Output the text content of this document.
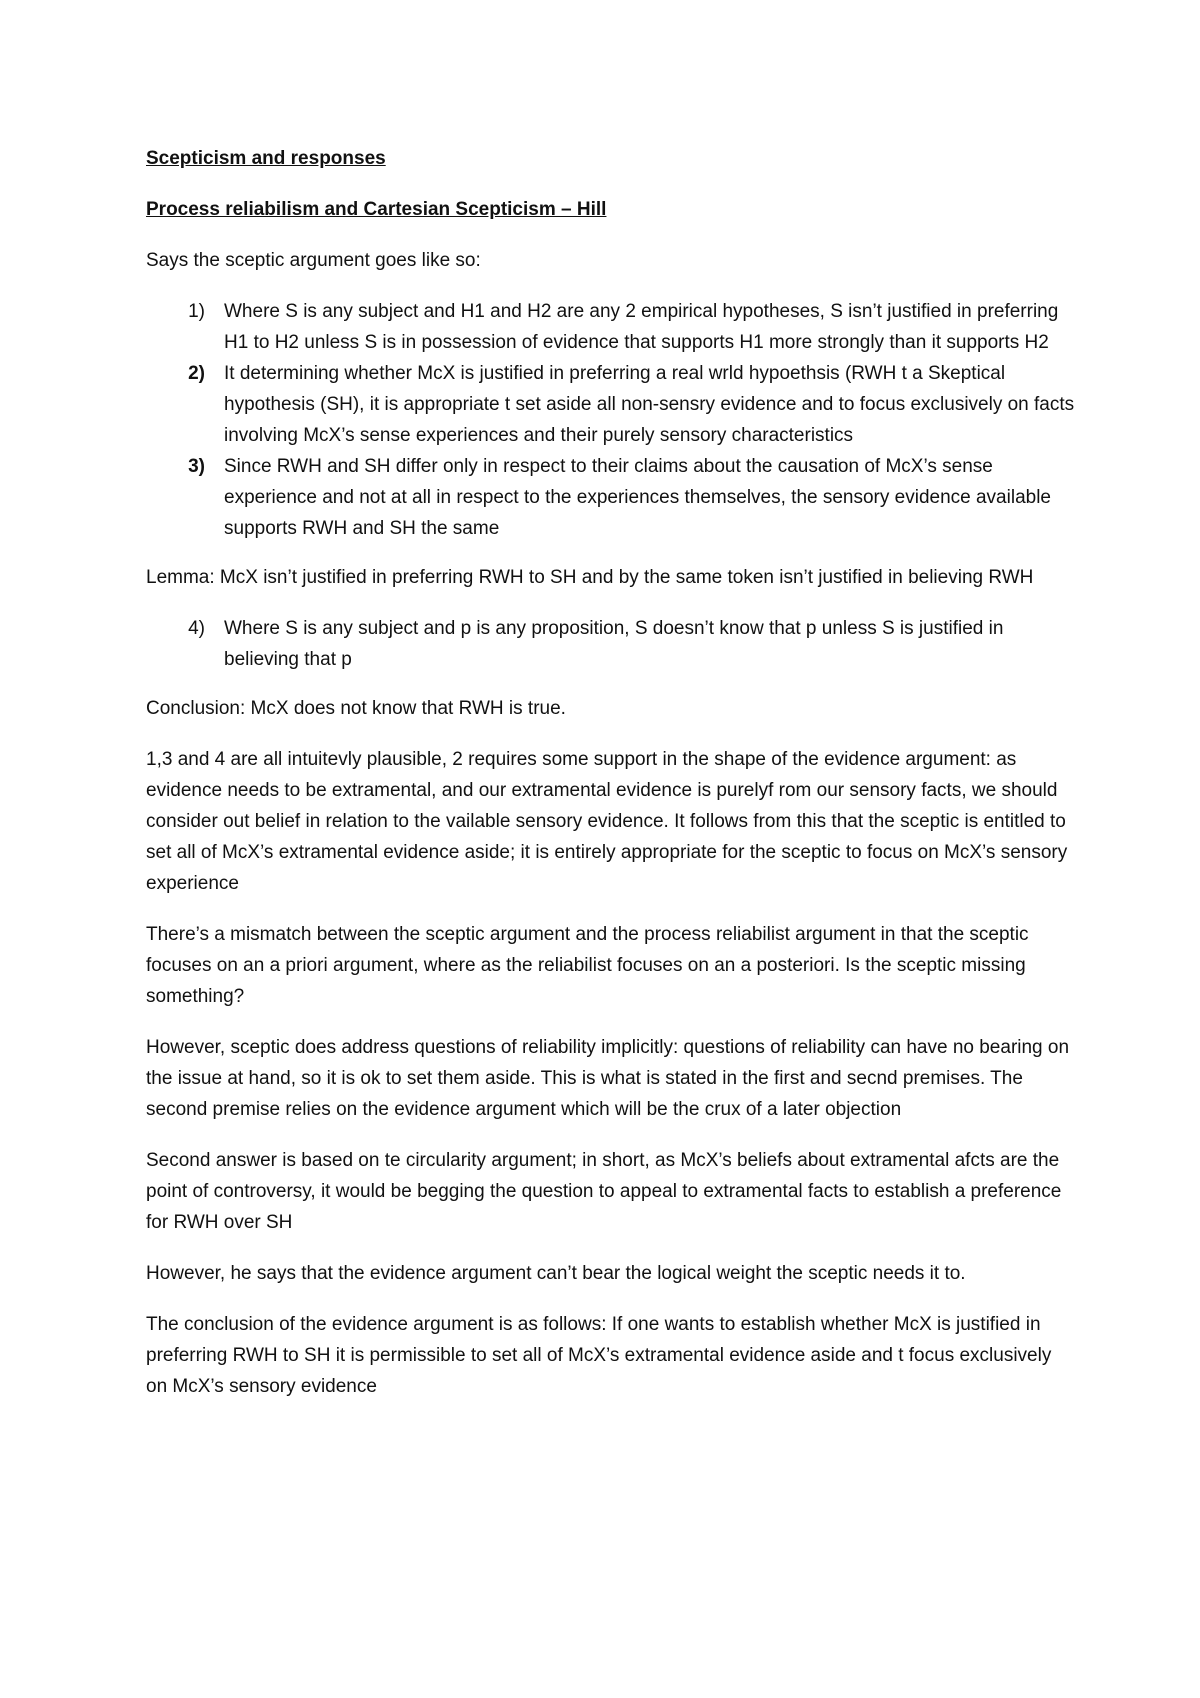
Scepticism and responses
Process reliabilism and Cartesian Scepticism – Hill

Says the sceptic argument goes like so:

1)	Where S is any subject and H1 and H2 are any 2 empirical hypotheses, S isn’t justified in preferring H1 to H2 unless S is in possession of evidence that supports H1 more strongly than it supports H2
2)	It determining whether McX is justified in preferring a real wrld hypoethsis (RWH t a Skeptical hypothesis (SH), it is appropriate t set aside all non-sensry evidence and to focus exclusively on facts involving McX’s sense experiences and their purely sensory characteristics
3)	Since RWH and SH differ only in respect to their claims about the causation of McX’s sense experience and not at all in respect to the experiences themselves, the sensory evidence available supports RWH and SH the same

Lemma: McX isn’t justified in preferring RWH to SH and by the same token isn’t justified in believing RWH

4)	Where S is any subject and p is any proposition, S doesn’t know that p unless S is justified in believing that p

Conclusion: McX does not know that RWH is true.

1,3 and 4 are all intuitevly plausible, 2 requires some support in the shape of the evidence argument: as evidence needs to be extramental, and our extramental evidence is purelyf rom our sensory facts, we should consider out belief in relation to the vailable sensory evidence. It follows from this that the sceptic is entitled to set all of McX’s extramental evidence aside; it is entirely appropriate for the sceptic to focus on McX’s sensory experience

There’s a mismatch between the sceptic argument and the process reliabilist argument in that the sceptic focuses on an a priori argument, where as the reliabilist focuses on an a posteriori. Is the sceptic missing something?

However, sceptic does address questions of reliability implicitly: questions of reliability can have no bearing on the issue at hand, so it is ok to set them aside. This is what is stated in the first and secnd premises. The second premise relies on the evidence argument which will be the crux of a later objection

Second answer is based on te circularity argument; in short, as McX’s beliefs about extramental afcts are the point of controversy, it would be begging the question to appeal to extramental facts to establish a preference for RWH over SH

However, he says that the evidence argument can’t bear the logical weight the sceptic needs it to.

The conclusion of the evidence argument is as follows: If one wants to establish whether McX is justified in preferring RWH to SH it is permissible to set all of McX’s extramental evidence aside and t focus exclusively on McX’s sensory evidence
